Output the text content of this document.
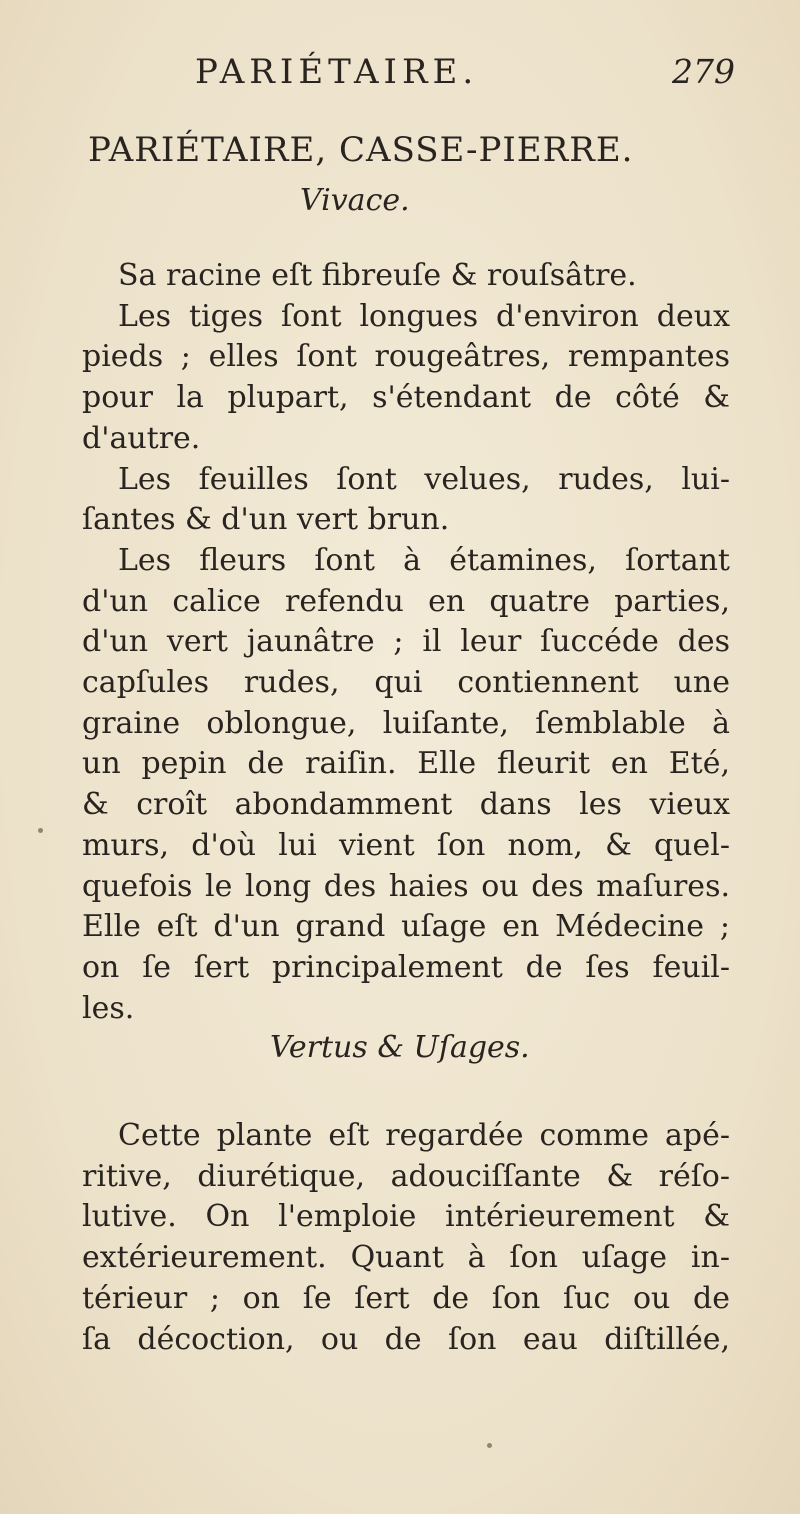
PARIÉTAIRE.	279
PARIÉTAIRE, CASSE-PIERRE.
Vivace.

Sa racine eſt fibreuſe & rouſsâtre.

Les tiges ſont longues d'environ deux
pieds ; elles ſont rougeâtres, rempantes
pour la plupart, s'étendant de côté &
d'autre.

Les feuilles ſont velues, rudes, lui-
ſantes & d'un vert brun.

Les fleurs ſont à étamines, ſortant
d'un calice refendu en quatre parties,
d'un vert jaunâtre ; il leur ſuccéde des
capſules rudes, qui contiennent une
graine oblongue, luiſante, ſemblable à
un pepin de raiſin. Elle fleurit en Eté,
& croît abondamment dans les vieux
murs, d'où lui vient ſon nom, & quel-
quefois le long des haies ou des maſures.
Elle eſt d'un grand uſage en Médecine ;
on ſe ſert principalement de ſes feuil-
les.

Vertus & Uſages.

Cette plante eſt regardée comme apé-
ritive, diurétique, adouciſſante & réſo-
lutive. On l'emploie intérieurement &
extérieurement. Quant à ſon uſage in-
térieur ; on ſe ſert de ſon ſuc ou de
ſa décoction, ou de ſon eau diſtillée,
